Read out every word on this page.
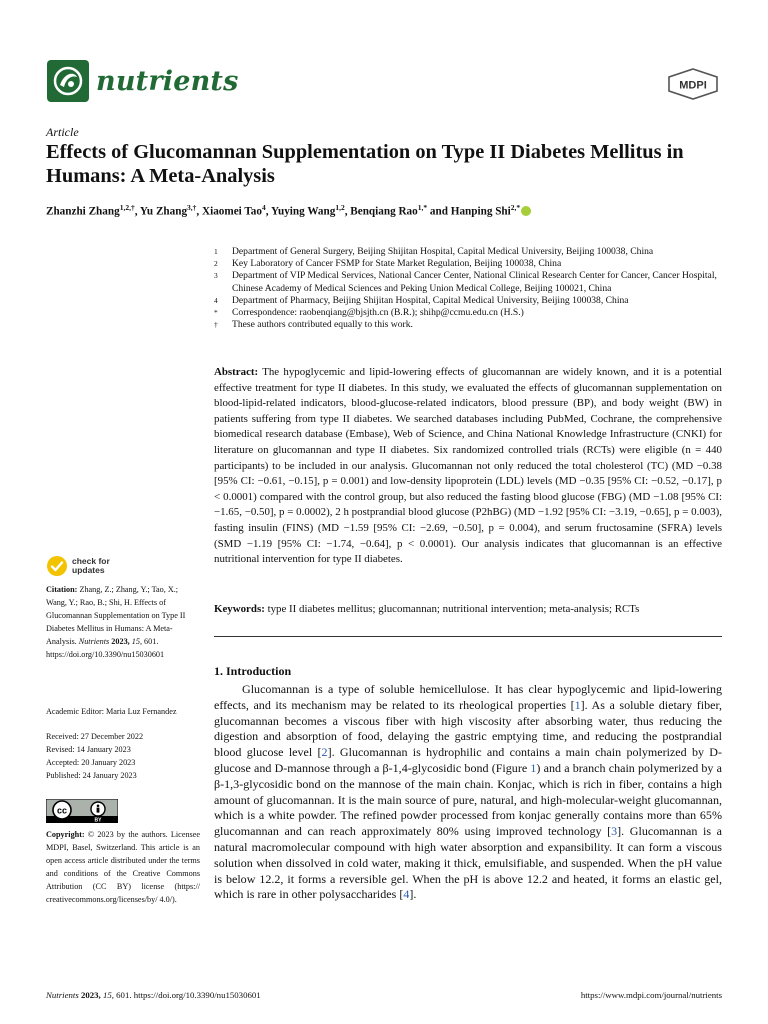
nutrients	MDPI
Article
Effects of Glucomannan Supplementation on Type II Diabetes Mellitus in Humans: A Meta-Analysis
Zhanzhi Zhang$^{1,2,\dagger}$, Yu Zhang$^{3,\dagger}$, Xiaomei Tao$^4$, Yuying Wang$^{1,2}$, Benqiang Rao$^{1,*}$ and Hanping Shi$^{2,*}$
1	Department of General Surgery, Beijing Shijitan Hospital, Capital Medical University, Beijing 100038, China
2	Key Laboratory of Cancer FSMP for State Market Regulation, Beijing 100038, China
3	Department of VIP Medical Services, National Cancer Center, National Clinical Research Center for Cancer, Cancer Hospital, Chinese Academy of Medical Sciences and Peking Union Medical College, Beijing 100021, China
4	Department of Pharmacy, Beijing Shijitan Hospital, Capital Medical University, Beijing 100038, China
*	Correspondence: raobenqiang@bjsjth.cn (B.R.); shihp@ccmu.edu.cn (H.S.)
†	These authors contributed equally to this work.
Abstract: The hypoglycemic and lipid-lowering effects of glucomannan are widely known, and it is a potential effective treatment for type II diabetes. In this study, we evaluated the effects of glucomannan supplementation on blood-lipid-related indicators, blood-glucose-related indicators, blood pressure (BP), and body weight (BW) in patients suffering from type II diabetes. We searched databases including PubMed, Cochrane, the comprehensive biomedical research database (Embase), Web of Science, and China National Knowledge Infrastructure (CNKI) for literature on glucomannan and type II diabetes. Six randomized controlled trials (RCTs) were eligible (n = 440 participants) to be included in our analysis. Glucomannan not only reduced the total cholesterol (TC) (MD −0.38 [95% CI: −0.61, −0.15], p = 0.001) and low-density lipoprotein (LDL) levels (MD −0.35 [95% CI: −0.52, −0.17], p < 0.0001) compared with the control group, but also reduced the fasting blood glucose (FBG) (MD −1.08 [95% CI: −1.65, −0.50], p = 0.0002), 2 h postprandial blood glucose (P2hBG) (MD −1.92 [95% CI: −3.19, −0.65], p = 0.003), fasting insulin (FINS) (MD −1.59 [95% CI: −2.69, −0.50], p = 0.004), and serum fructosamine (SFRA) levels (SMD −1.19 [95% CI: −1.74, −0.64], p < 0.0001). Our analysis indicates that glucomannan is an effective nutritional intervention for type II diabetes.
Keywords: type II diabetes mellitus; glucomannan; nutritional intervention; meta-analysis; RCTs
1. Introduction
Glucomannan is a type of soluble hemicellulose. It has clear hypoglycemic and lipid-lowering effects, and its mechanism may be related to its rheological properties [1]. As a soluble dietary fiber, glucomannan becomes a viscous fiber with high viscosity after absorbing water, thus reducing the digestion and absorption of food, delaying the gastric emptying time, and reducing the postprandial blood glucose level [2]. Glucomannan is hydrophilic and contains a main chain polymerized by D-glucose and D-mannose through a β-1,4-glycosidic bond (Figure 1) and a branch chain polymerized by a β-1,3-glycosidic bond on the mannose of the main chain. Konjac, which is rich in fiber, contains a high amount of glucomannan. It is the main source of pure, natural, and high-molecular-weight glucomannan, which is a white powder. The refined powder processed from konjac generally contains more than 65% glucomannan and can reach approximately 80% using improved technology [3]. Glucomannan is a natural macromolecular compound with high water absorption and expansibility. It can form a viscous solution when dissolved in cold water, making it thick, emulsifiable, and suspended. When the pH value is below 12.2, it forms a reversible gel. When the pH is above 12.2 and heated, it forms an elastic gel, which is rare in other polysaccharides [4].
check for updates
Citation: Zhang, Z.; Zhang, Y.; Tao, X.; Wang, Y.; Rao, B.; Shi, H. Effects of Glucomannan Supplementation on Type II Diabetes Mellitus in Humans: A Meta-Analysis. Nutrients 2023, 15, 601. https://doi.org/10.3390/nu15030601
Academic Editor: Maria Luz Fernandez
Received: 27 December 2022
Revised: 14 January 2023
Accepted: 20 January 2023
Published: 24 January 2023
cc
BY
Copyright: © 2023 by the authors. Licensee MDPI, Basel, Switzerland. This article is an open access article distributed under the terms and conditions of the Creative Commons Attribution (CC BY) license (https:// creativecommons.org/licenses/by/ 4.0/).
Nutrients 2023, 15, 601. https://doi.org/10.3390/nu15030601	https://www.mdpi.com/journal/nutrients
